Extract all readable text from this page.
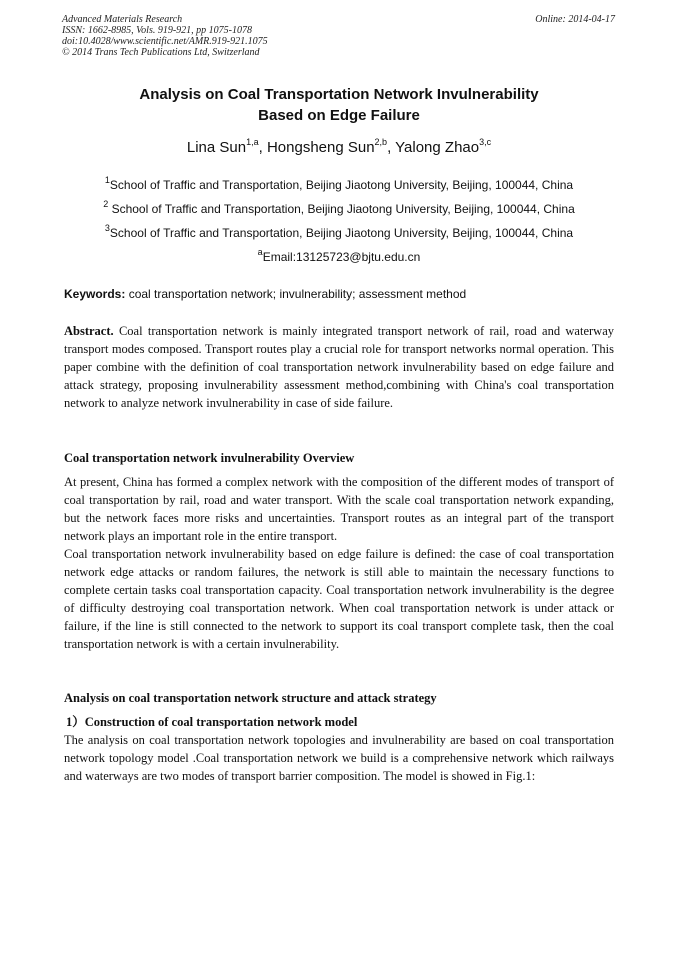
Advanced Materials Research
ISSN: 1662-8985, Vols. 919-921, pp 1075-1078
doi:10.4028/www.scientific.net/AMR.919-921.1075
© 2014 Trans Tech Publications Ltd, Switzerland
Online: 2014-04-17
Analysis on Coal Transportation Network Invulnerability
Based on Edge Failure
Lina Sun$^{1,a}$, Hongsheng Sun$^{2,b}$, Yalong Zhao$^{3,c}$
$^1$School of Traffic and Transportation, Beijing Jiaotong University, Beijing, 100044, China
$^2$ School of Traffic and Transportation, Beijing Jiaotong University, Beijing, 100044, China
$^3$School of Traffic and Transportation, Beijing Jiaotong University, Beijing, 100044, China
$^a$Email:13125723@bjtu.edu.cn
Keywords: coal transportation network; invulnerability; assessment method
Abstract. Coal transportation network is mainly integrated transport network of rail, road and waterway transport modes composed. Transport routes play a crucial role for transport networks normal operation. This paper combine with the definition of coal transportation network invulnerability based on edge failure and attack strategy, proposing invulnerability assessment method,combining with China's coal transportation network to analyze network invulnerability in case of side failure.
Coal transportation network invulnerability Overview
At present, China has formed a complex network with the composition of the different modes of transport of coal transportation by rail, road and water transport. With the scale coal transportation network expanding, but the network faces more risks and uncertainties. Transport routes as an integral part of the transport network plays an important role in the entire transport.
Coal transportation network invulnerability based on edge failure is defined: the case of coal transportation network edge attacks or random failures, the network is still able to maintain the necessary functions to complete certain tasks coal transportation capacity. Coal transportation network invulnerability is the degree of difficulty destroying coal transportation network. When coal transportation network is under attack or failure, if the line is still connected to the network to support its coal transport complete task, then the coal transportation network is with a certain invulnerability.
Analysis on coal transportation network structure and attack strategy
1）Construction of coal transportation network model
The analysis on coal transportation network topologies and invulnerability are based on coal transportation network topology model .Coal transportation network we build is a comprehensive network which railways and waterways are two modes of transport barrier composition. The model is showed in Fig.1:
